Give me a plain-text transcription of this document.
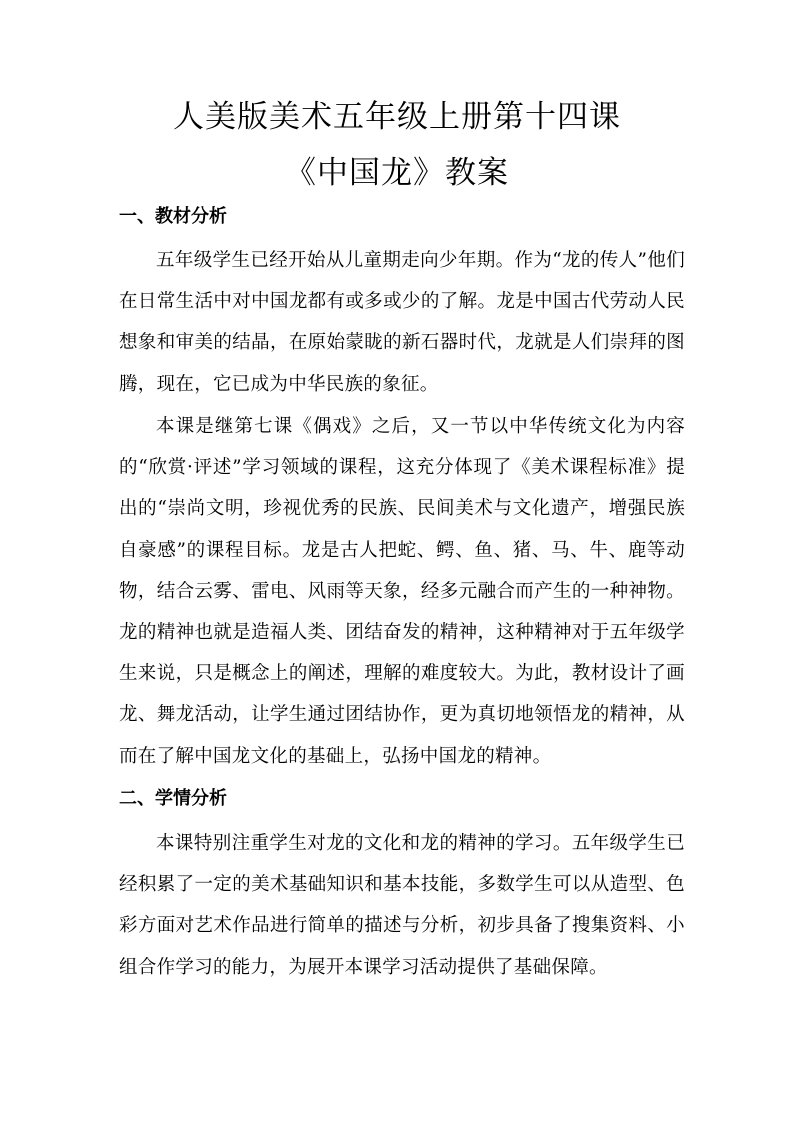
人美版美术五年级上册第十四课
《中国龙》教案
一、教材分析

五年级学生已经开始从儿童期走向少年期。作为“龙的传人”他们在日常生活中对中国龙都有或多或少的了解。龙是中国古代劳动人民想象和审美的结晶，在原始蒙眬的新石器时代，龙就是人们崇拜的图腾，现在，它已成为中华民族的象征。

本课是继第七课《偶戏》之后，又一节以中华传统文化为内容的“欣赏·评述”学习领域的课程，这充分体现了《美术课程标准》提出的“崇尚文明，珍视优秀的民族、民间美术与文化遗产，增强民族自豪感”的课程目标。龙是古人把蛇、鳄、鱼、猪、马、牛、鹿等动物，结合云雾、雷电、风雨等天象，经多元融合而产生的一种神物。龙的精神也就是造福人类、团结奋发的精神，这种精神对于五年级学生来说，只是概念上的阐述，理解的难度较大。为此，教材设计了画龙、舞龙活动，让学生通过团结协作，更为真切地领悟龙的精神，从而在了解中国龙文化的基础上，弘扬中国龙的精神。

二、学情分析

本课特别注重学生对龙的文化和龙的精神的学习。五年级学生已经积累了一定的美术基础知识和基本技能，多数学生可以从造型、色彩方面对艺术作品进行简单的描述与分析，初步具备了搜集资料、小组合作学习的能力，为展开本课学习活动提供了基础保障。
